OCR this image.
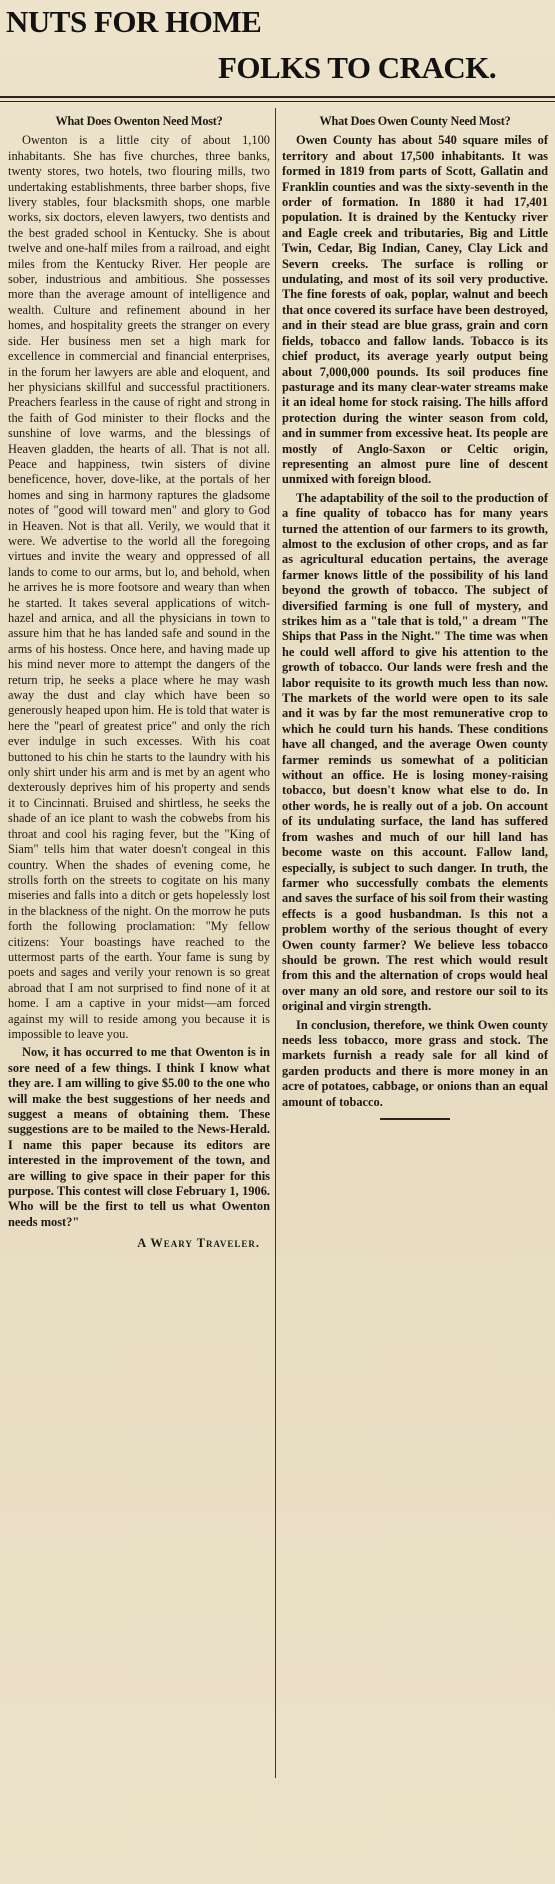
NUTS FOR HOME
FOLKS TO CRACK.
What Does Owenton Need Most?

Owenton is a little city of about 1,100 inhabitants. She has five churches, three banks, twenty stores, two hotels, two flouring mills, two undertaking establishments, three barber shops, five livery stables, four blacksmith shops, one marble works, six doctors, eleven lawyers, two dentists and the best graded school in Kentucky. She is about twelve and one-half miles from a railroad, and eight miles from the Kentucky River. Her people are sober, industrious and ambitious. She possesses more than the average amount of intelligence and wealth. Culture and refinement abound in her homes, and hospitality greets the stranger on every side. Her business men set a high mark for excellence in commercial and financial enterprises, in the forum her lawyers are able and eloquent, and her physicians skillful and successful practitioners. Preachers fearless in the cause of right and strong in the faith of God minister to their flocks and the sunshine of love warms, and the blessings of Heaven gladden, the hearts of all. That is not all. Peace and happiness, twin sisters of divine beneficence, hover, dove-like, at the portals of her homes and sing in harmony raptures the gladsome notes of "good will toward men" and glory to God in Heaven. Not is that all. Verily, we would that it were. We advertise to the world all the foregoing virtues and invite the weary and oppressed of all lands to come to our arms, but lo, and behold, when he arrives he is more footsore and weary than when he started. It takes several applications of witch-hazel and arnica, and all the physicians in town to assure him that he has landed safe and sound in the arms of his hostess. Once here, and having made up his mind never more to attempt the dangers of the return trip, he seeks a place where he may wash away the dust and clay which have been so generously heaped upon him. He is told that water is here the "pearl of greatest price" and only the rich ever indulge in such excesses. With his coat buttoned to his chin he starts to the laundry with his only shirt under his arm and is met by an agent who dexterously deprives him of his property and sends it to Cincinnati. Bruised and shirtless, he seeks the shade of an ice plant to wash the cobwebs from his throat and cool his raging fever, but the "King of Siam" tells him that water doesn't congeal in this country. When the shades of evening come, he strolls forth on the streets to cogitate on his many miseries and falls into a ditch or gets hopelessly lost in the blackness of the night. On the morrow he puts forth the following proclamation: "My fellow citizens: Your boastings have reached to the uttermost parts of the earth. Your fame is sung by poets and sages and verily your renown is so great abroad that I am not surprised to find none of it at home. I am a captive in your midst—am forced against my will to reside among you because it is impossible to leave you.

Now, it has occurred to me that Owenton is in sore need of a few things. I think I know what they are. I am willing to give $5.00 to the one who will make the best suggestions of her needs and suggest a means of obtaining them. These suggestions are to be mailed to the News-Herald. I name this paper because its editors are interested in the improvement of the town, and are willing to give space in their paper for this purpose. This contest will close February 1, 1906. Who will be the first to tell us what Owenton needs most?"

A Weary Traveler.
What Does Owen County Need Most?

Owen County has about 540 square miles of territory and about 17,500 inhabitants. It was formed in 1819 from parts of Scott, Gallatin and Franklin counties and was the sixty-seventh in the order of formation. In 1880 it had 17,401 population. It is drained by the Kentucky river and Eagle creek and tributaries, Big and Little Twin, Cedar, Big Indian, Caney, Clay Lick and Severn creeks. The surface is rolling or undulating, and most of its soil very productive. The fine forests of oak, poplar, walnut and beech that once covered its surface have been destroyed, and in their stead are blue grass, grain and corn fields, tobacco and fallow lands. Tobacco is its chief product, its average yearly output being about 7,000,000 pounds. Its soil produces fine pasturage and its many clear-water streams make it an ideal home for stock raising. The hills afford protection during the winter season from cold, and in summer from excessive heat. Its people are mostly of Anglo-Saxon or Celtic origin, representing an almost pure line of descent unmixed with foreign blood.

The adaptability of the soil to the production of a fine quality of tobacco has for many years turned the attention of our farmers to its growth, almost to the exclusion of other crops, and as far as agricultural education pertains, the average farmer knows little of the possibility of his land beyond the growth of tobacco. The subject of diversified farming is one full of mystery, and strikes him as a "tale that is told," a dream "The Ships that Pass in the Night." The time was when he could well afford to give his attention to the growth of tobacco. Our lands were fresh and the labor requisite to its growth much less than now. The markets of the world were open to its sale and it was by far the most remunerative crop to which he could turn his hands. These conditions have all changed, and the average Owen county farmer reminds us somewhat of a politician without an office. He is losing money-raising tobacco, but doesn't know what else to do. In other words, he is really out of a job. On account of its undulating surface, the land has suffered from washes and much of our hill land has become waste on this account. Fallow land, especially, is subject to such danger. In truth, the farmer who successfully combats the elements and saves the surface of his soil from their wasting effects is a good husbandman. Is this not a problem worthy of the serious thought of every Owen county farmer? We believe less tobacco should be grown. The rest which would result from this and the alternation of crops would heal over many an old sore, and restore our soil to its original and virgin strength.

In conclusion, therefore, we think Owen county needs less tobacco, more grass and stock. The markets furnish a ready sale for all kind of garden products and there is more money in an acre of potatoes, cabbage, or onions than an equal amount of tobacco.
